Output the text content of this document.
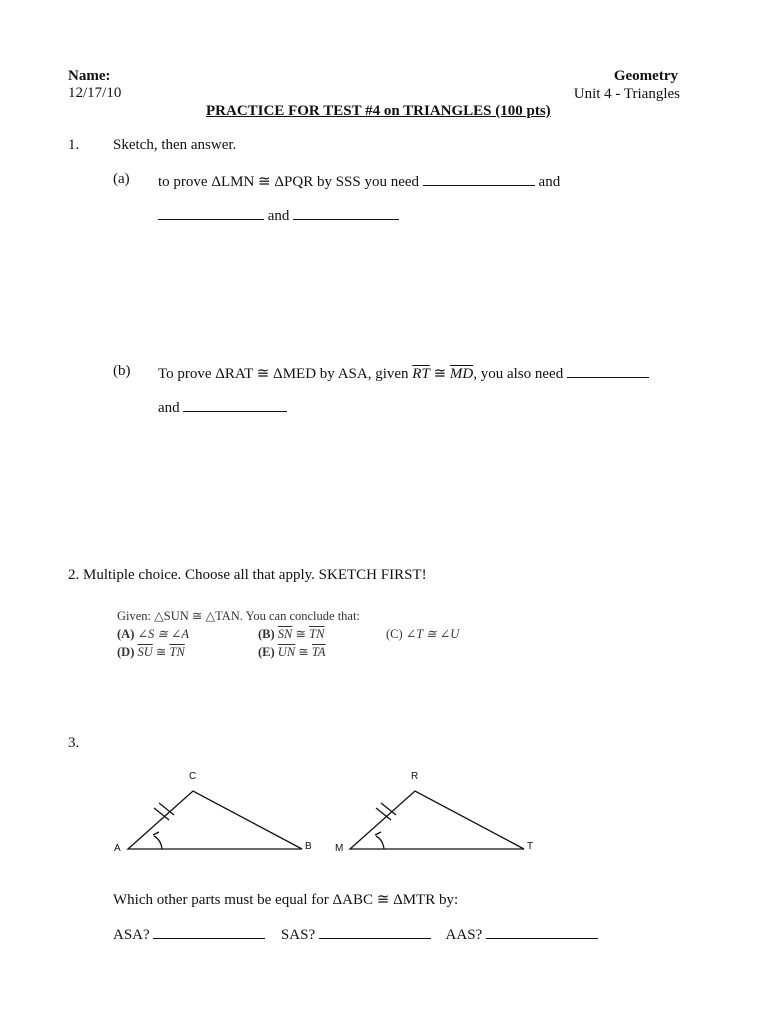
Name:
12/17/10
Geometry
Unit 4 - Triangles
PRACTICE FOR TEST #4 on TRIANGLES (100 pts)
1. Sketch, then answer.
(a) to prove ΔLMN ≅ ΔPQR by SSS you need	and
and
(b) To prove ΔRAT ≅ ΔMED by ASA, given $\overline{RT}$ ≅ $\overline{MD}$, you also need
and
2. Multiple choice. Choose all that apply. SKETCH FIRST!
Given: △SUN ≅ △TAN. You can conclude that:
(A) ∠S ≅ ∠A	(B) $\overline{SN}$ ≅ $\overline{TN}$	(C) ∠T ≅ ∠U
(D) $\overline{SU}$ ≅ $\overline{TN}$	(E) $\overline{UN}$ ≅ $\overline{TA}$
3.
C
A	B
R
M	T
Which other parts must be equal for ΔABC ≅ ΔMTR by:
ASA?	SAS?	AAS?
